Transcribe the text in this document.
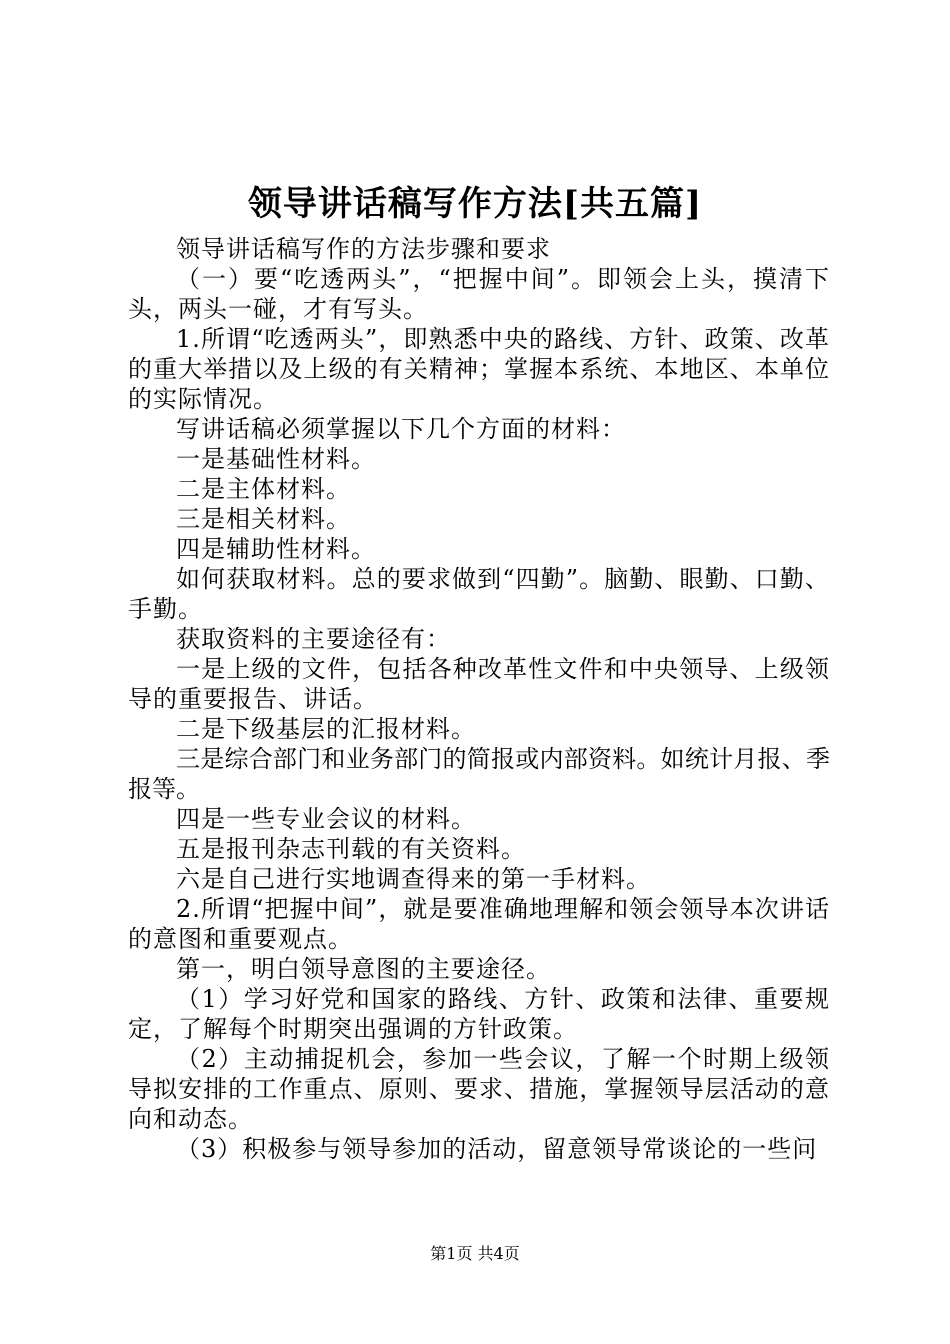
领导讲话稿写作方法[共五篇]

领导讲话稿写作的方法步骤和要求

（一）要“吃透两头”，“把握中间”。即领会上头，摸清下头，两头一碰，才有写头。

1.所谓“吃透两头”，即熟悉中央的路线、方针、政策、改革的重大举措以及上级的有关精神；掌握本系统、本地区、本单位的实际情况。

写讲话稿必须掌握以下几个方面的材料：

一是基础性材料。

二是主体材料。

三是相关材料。

四是辅助性材料。

如何获取材料。总的要求做到“四勤”。脑勤、眼勤、口勤、手勤。

获取资料的主要途径有：

一是上级的文件，包括各种改革性文件和中央领导、上级领导的重要报告、讲话。

二是下级基层的汇报材料。

三是综合部门和业务部门的简报或内部资料。如统计月报、季报等。

四是一些专业会议的材料。

五是报刊杂志刊载的有关资料。

六是自己进行实地调查得来的第一手材料。

2.所谓“把握中间”，就是要准确地理解和领会领导本次讲话的意图和重要观点。

第一，明白领导意图的主要途径。

（1）学习好党和国家的路线、方针、政策和法律、重要规定，了解每个时期突出强调的方针政策。

（2）主动捕捉机会，参加一些会议，了解一个时期上级领导拟安排的工作重点、原则、要求、措施，掌握领导层活动的意向和动态。

（3）积极参与领导参加的活动，留意领导常谈论的一些问

第1页 共4页
